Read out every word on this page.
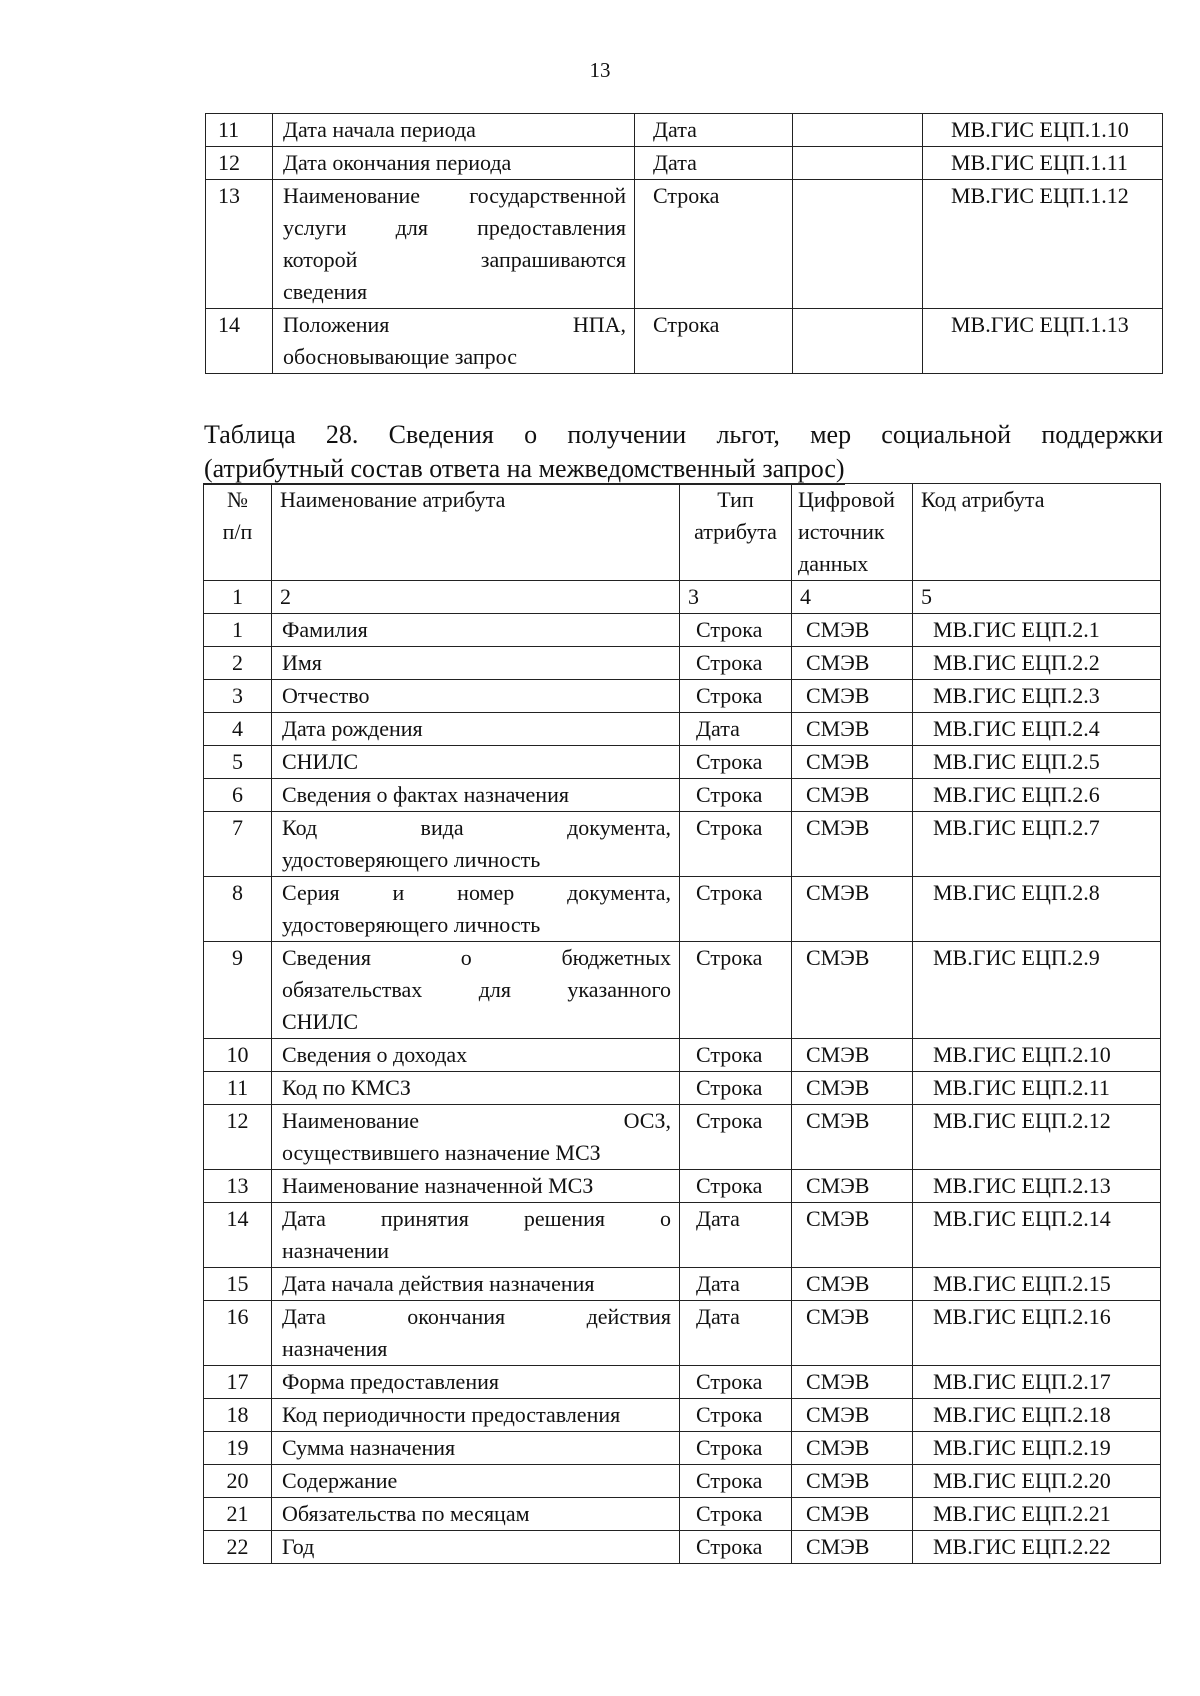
13
11	Дата начала периода	Дата		МВ.ГИС ЕЦП.1.10
12	Дата окончания периода	Дата		МВ.ГИС ЕЦП.1.11
13	Наименование государственной
услуги для предоставления
которой запрашиваются
сведения	Строка		МВ.ГИС ЕЦП.1.12
14	Положения НПА,
обосновывающие запрос	Строка		МВ.ГИС ЕЦП.1.13
Таблица 28. Сведения о получении льгот, мер социальной поддержки
(атрибутный состав ответа на межведомственный запрос)
№
п/п	Наименование атрибута	Тип
атрибута	Цифровой
источник
данных	Код атрибута
1	2	3	4	5
1	Фамилия	Строка	СМЭВ	МВ.ГИС ЕЦП.2.1
2	Имя	Строка	СМЭВ	МВ.ГИС ЕЦП.2.2
3	Отчество	Строка	СМЭВ	МВ.ГИС ЕЦП.2.3
4	Дата рождения	Дата	СМЭВ	МВ.ГИС ЕЦП.2.4
5	СНИЛС	Строка	СМЭВ	МВ.ГИС ЕЦП.2.5
6	Сведения о фактах назначения	Строка	СМЭВ	МВ.ГИС ЕЦП.2.6
7	Код вида документа,
удостоверяющего личность	Строка	СМЭВ	МВ.ГИС ЕЦП.2.7
8	Серия и номер документа,
удостоверяющего личность	Строка	СМЭВ	МВ.ГИС ЕЦП.2.8
9	Сведения о бюджетных
обязательствах для указанного
СНИЛС	Строка	СМЭВ	МВ.ГИС ЕЦП.2.9
10	Сведения о доходах	Строка	СМЭВ	МВ.ГИС ЕЦП.2.10
11	Код по КМСЗ	Строка	СМЭВ	МВ.ГИС ЕЦП.2.11
12	Наименование ОСЗ,
осуществившего назначение МСЗ	Строка	СМЭВ	МВ.ГИС ЕЦП.2.12
13	Наименование назначенной МСЗ	Строка	СМЭВ	МВ.ГИС ЕЦП.2.13
14	Дата принятия решения о
назначении	Дата	СМЭВ	МВ.ГИС ЕЦП.2.14
15	Дата начала действия назначения	Дата	СМЭВ	МВ.ГИС ЕЦП.2.15
16	Дата окончания действия
назначения	Дата	СМЭВ	МВ.ГИС ЕЦП.2.16
17	Форма предоставления	Строка	СМЭВ	МВ.ГИС ЕЦП.2.17
18	Код периодичности предоставления	Строка	СМЭВ	МВ.ГИС ЕЦП.2.18
19	Сумма назначения	Строка	СМЭВ	МВ.ГИС ЕЦП.2.19
20	Содержание	Строка	СМЭВ	МВ.ГИС ЕЦП.2.20
21	Обязательства по месяцам	Строка	СМЭВ	МВ.ГИС ЕЦП.2.21
22	Год	Строка	СМЭВ	МВ.ГИС ЕЦП.2.22
